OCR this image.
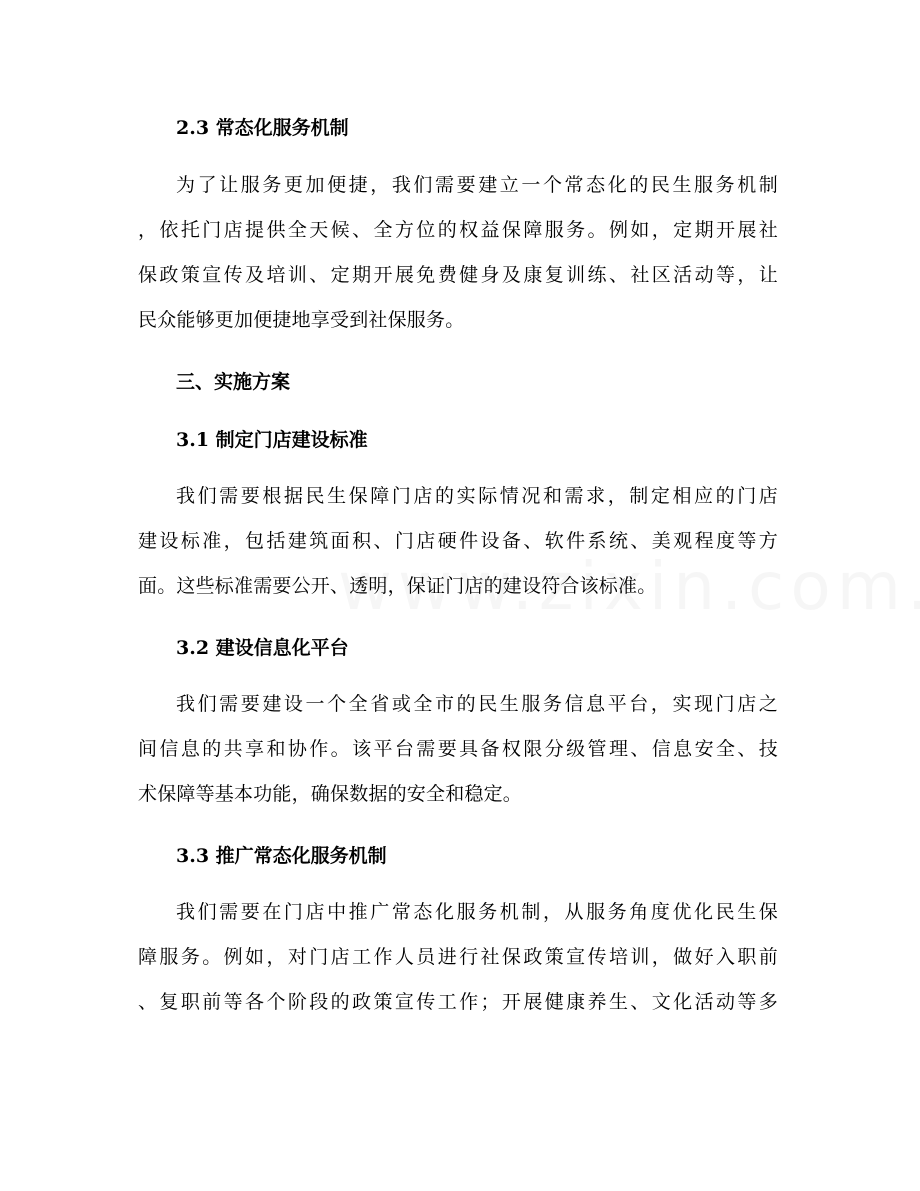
2.3 常态化服务机制
为了让服务更加便捷，我们需要建立一个常态化的民生服务机制
，依托门店提供全天候、全方位的权益保障服务。例如，定期开展社
保政策宣传及培训、定期开展免费健身及康复训练、社区活动等，让
民众能够更加便捷地享受到社保服务。
三、实施方案
3.1 制定门店建设标准
我们需要根据民生保障门店的实际情况和需求，制定相应的门店
建设标准，包括建筑面积、门店硬件设备、软件系统、美观程度等方
面。这些标准需要公开、透明，保证门店的建设符合该标准。
3.2 建设信息化平台
我们需要建设一个全省或全市的民生服务信息平台，实现门店之
间信息的共享和协作。该平台需要具备权限分级管理、信息安全、技
术保障等基本功能，确保数据的安全和稳定。
3.3 推广常态化服务机制
我们需要在门店中推广常态化服务机制，从服务角度优化民生保
障服务。例如，对门店工作人员进行社保政策宣传培训，做好入职前
、复职前等各个阶段的政策宣传工作；开展健康养生、文化活动等多
